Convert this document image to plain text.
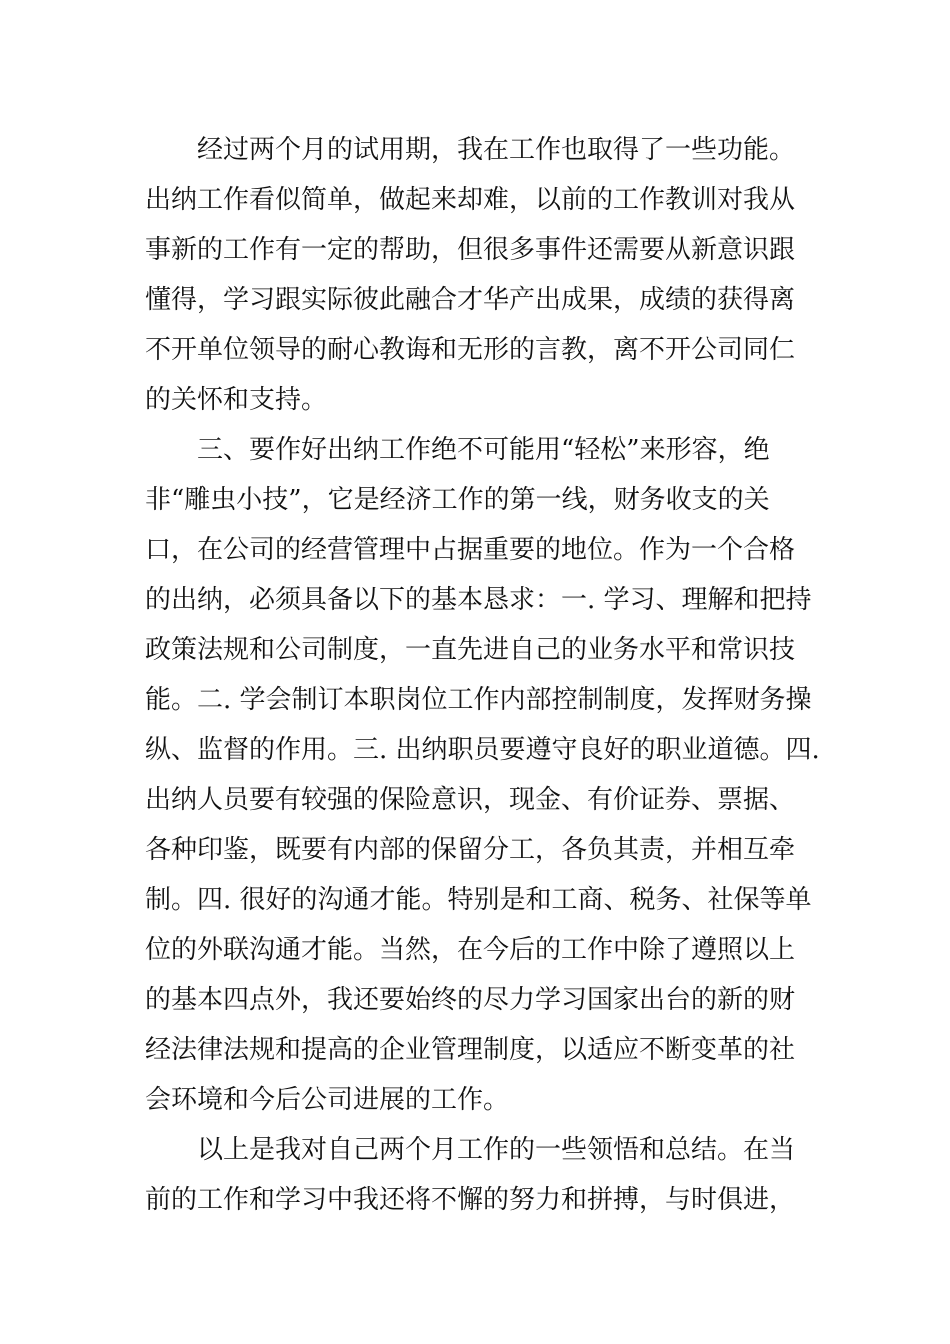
经过两个月的试用期，我在工作也取得了一些功能。
出纳工作看似简单，做起来却难，以前的工作教训对我从
事新的工作有一定的帮助，但很多事件还需要从新意识跟
懂得，学习跟实际彼此融合才华产出成果，成绩的获得离
不开单位领导的耐心教诲和无形的言教，离不开公司同仁
的关怀和支持。
三、要作好出纳工作绝不可能用“轻松”来形容，绝
非“雕虫小技”，它是经济工作的第一线，财务收支的关
口，在公司的经营管理中占据重要的地位。作为一个合格
的出纳，必须具备以下的基本恳求：一. 学习、理解和把持
政策法规和公司制度，一直先进自己的业务水平和常识技
能。二. 学会制订本职岗位工作内部控制制度，发挥财务操
纵、监督的作用。三. 出纳职员要遵守良好的职业道德。四.
出纳人员要有较强的保险意识，现金、有价证券、票据、
各种印鉴，既要有内部的保留分工，各负其责，并相互牵
制。四. 很好的沟通才能。特别是和工商、税务、社保等单
位的外联沟通才能。当然，在今后的工作中除了遵照以上
的基本四点外，我还要始终的尽力学习国家出台的新的财
经法律法规和提高的企业管理制度，以适应不断变革的社
会环境和今后公司进展的工作。
以上是我对自己两个月工作的一些领悟和总结。在当
前的工作和学习中我还将不懈的努力和拼搏，与时俱进，
